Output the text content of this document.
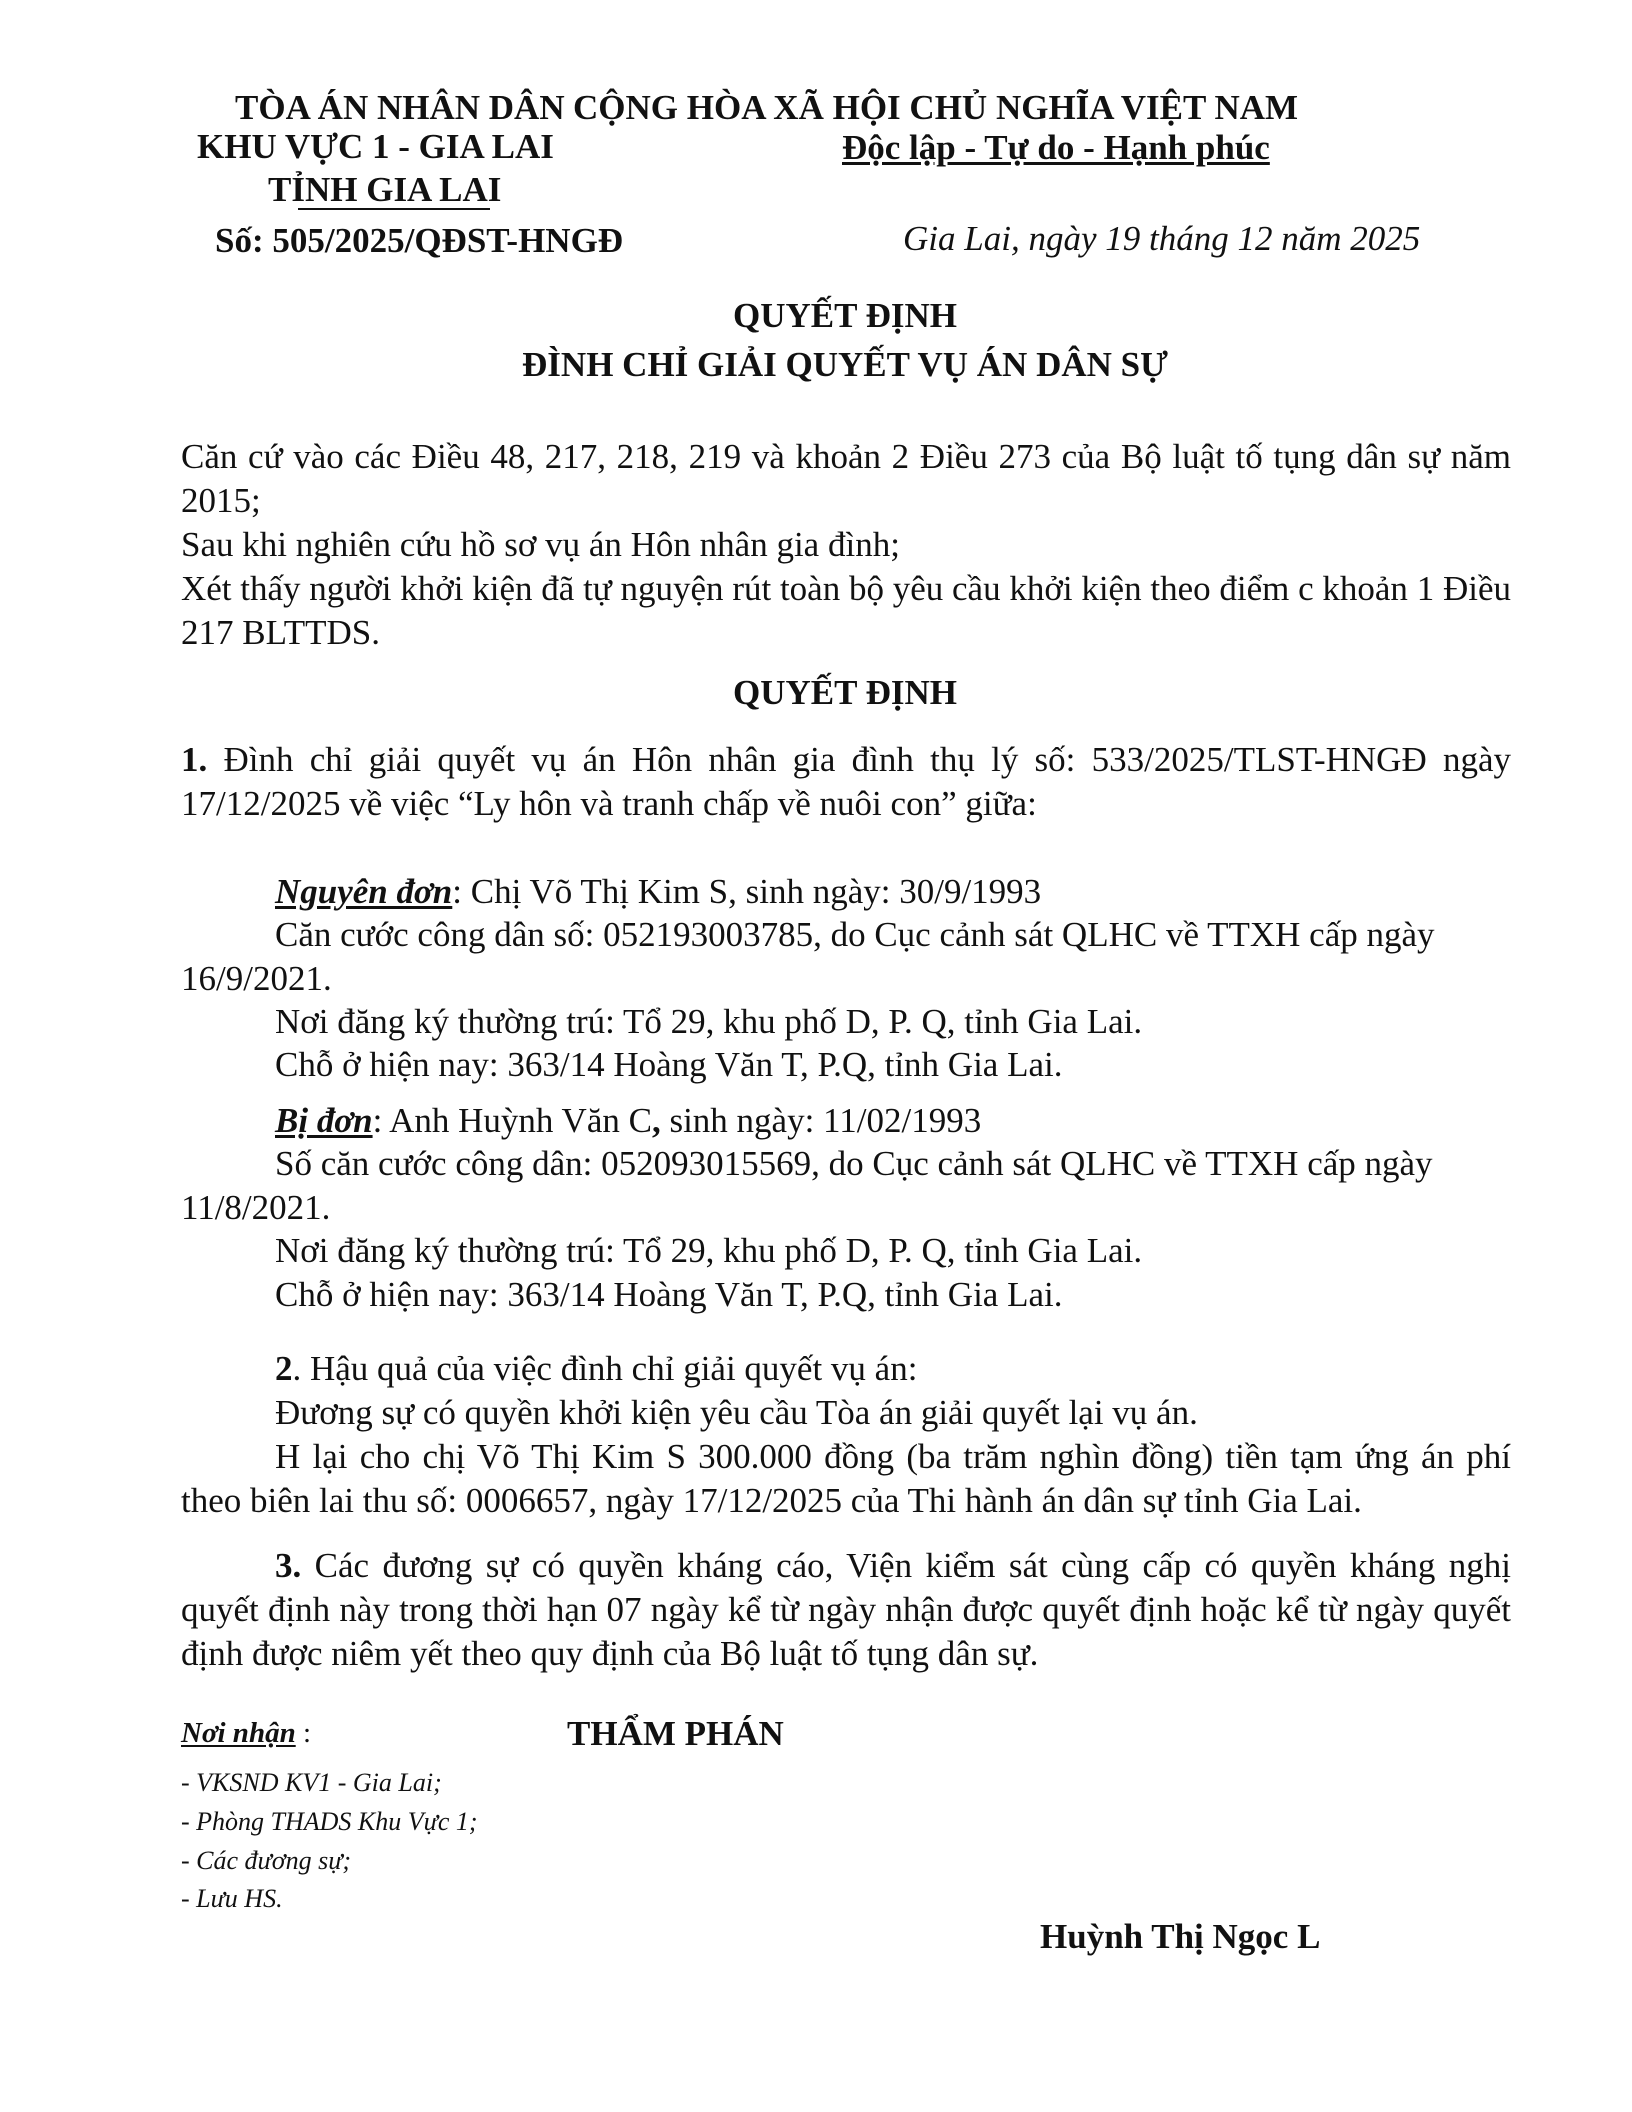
TÒA ÁN NHÂN DÂN
KHU VỰC 1 - GIA LAI
TỈNH GIA LAI
CỘNG HÒA XÃ HỘI CHỦ NGHĨA VIỆT NAM
Độc lập - Tự do - Hạnh phúc
Số: 505/2025/QĐST-HNGĐ	Gia Lai, ngày 19 tháng 12 năm 2025
QUYẾT ĐỊNH
ĐÌNH CHỈ GIẢI QUYẾT VỤ ÁN DÂN SỰ
Căn cứ vào các Điều 48, 217, 218, 219 và khoản 2 Điều 273 của Bộ luật tố tụng dân sự năm 2015;
Sau khi nghiên cứu hồ sơ vụ án Hôn nhân gia đình;
Xét thấy người khởi kiện đã tự nguyện rút toàn bộ yêu cầu khởi kiện theo điểm c khoản 1 Điều 217 BLTTDS.
QUYẾT ĐỊNH
1. Đình chỉ giải quyết vụ án Hôn nhân gia đình thụ lý số: 533/2025/TLST-HNGĐ ngày 17/12/2025 về việc “Ly hôn và tranh chấp về nuôi con” giữa:
Nguyên đơn: Chị Võ Thị Kim S, sinh ngày: 30/9/1993
Căn cước công dân số: 052193003785, do Cục cảnh sát QLHC về TTXH cấp ngày
16/9/2021.
Nơi đăng ký thường trú: Tổ 29, khu phố D, P. Q, tỉnh Gia Lai.
Chỗ ở hiện nay: 363/14 Hoàng Văn T, P.Q, tỉnh Gia Lai.
Bị đơn: Anh Huỳnh Văn C, sinh ngày: 11/02/1993
Số căn cước công dân: 052093015569, do Cục cảnh sát QLHC về TTXH cấp ngày
11/8/2021.
Nơi đăng ký thường trú: Tổ 29, khu phố D, P. Q, tỉnh Gia Lai.
Chỗ ở hiện nay: 363/14 Hoàng Văn T, P.Q, tỉnh Gia Lai.
2. Hậu quả của việc đình chỉ giải quyết vụ án:
Đương sự có quyền khởi kiện yêu cầu Tòa án giải quyết lại vụ án.
H lại cho chị Võ Thị Kim S 300.000 đồng (ba trăm nghìn đồng) tiền tạm ứng án phí theo biên lai thu số: 0006657, ngày 17/12/2025 của Thi hành án dân sự tỉnh Gia Lai.
3. Các đương sự có quyền kháng cáo, Viện kiểm sát cùng cấp có quyền kháng nghị quyết định này trong thời hạn 07 ngày kể từ ngày nhận được quyết định hoặc kể từ ngày quyết định được niêm yết theo quy định của Bộ luật tố tụng dân sự.
Nơi nhận :
- VKSND KV1 - Gia Lai;
- Phòng THADS Khu Vực 1;
- Các đương sự;
- Lưu HS.
THẨM PHÁN
Huỳnh Thị Ngọc L
